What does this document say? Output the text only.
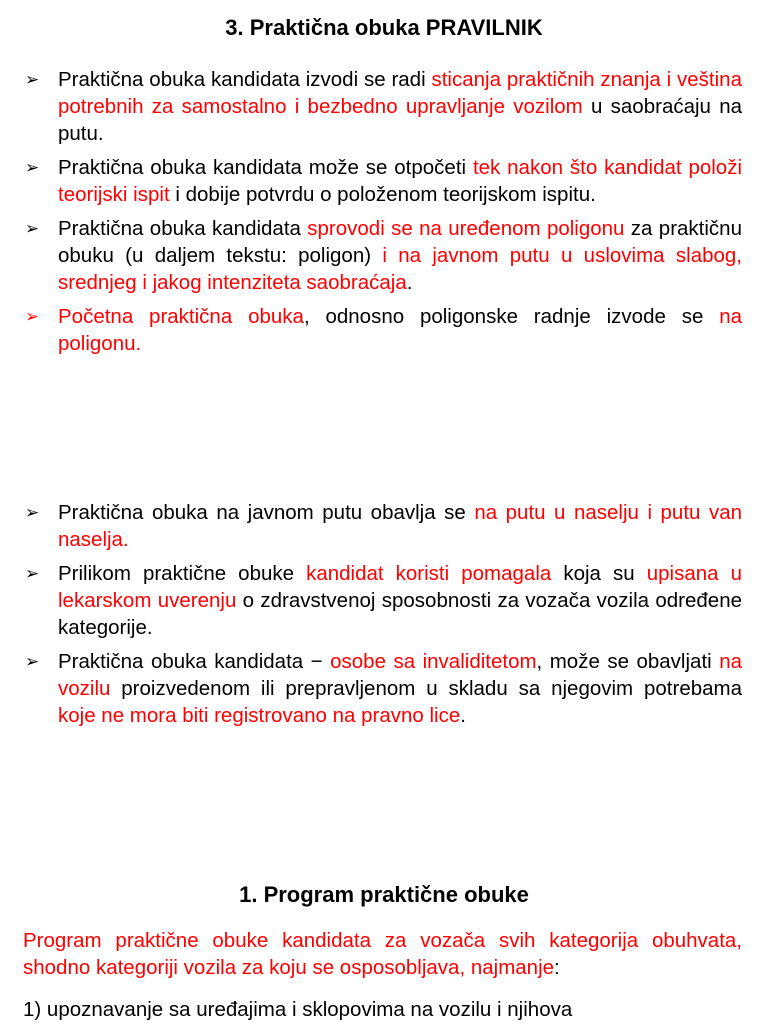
3. Praktična obuka PRAVILNIK
➢ Praktična obuka kandidata izvodi se radi sticanja praktičnih znanja i veština potrebnih za samostalno i bezbedno upravljanje vozilom u saobraćaju na putu.
➢ Praktična obuka kandidata može se otpočeti tek nakon što kandidat položi teorijski ispit i dobije potvrdu o položenom teorijskom ispitu.
➢ Praktična obuka kandidata sprovodi se na uređenom poligonu za praktičnu obuku (u daljem tekstu: poligon) i na javnom putu u uslovima slabog, srednjeg i jakog intenziteta saobraćaja.
➢ Početna praktična obuka, odnosno poligonske radnje izvode se na poligonu.
➢ Praktična obuka na javnom putu obavlja se na putu u naselju i putu van naselja.
➢ Prilikom praktične obuke kandidat koristi pomagala koja su upisana u lekarskom uverenju o zdravstvenoj sposobnosti za vozača vozila određene kategorije.
➢ Praktična obuka kandidata − osobe sa invaliditetom, može se obavljati na vozilu proizvedenom ili prepravljenom u skladu sa njegovim potrebama koje ne mora biti registrovano na pravno lice.
1. Program praktične obuke

Program praktične obuke kandidata za vozača svih kategorija obuhvata, shodno kategoriji vozila za koju se osposobljava, najmanje:

1) upoznavanje sa uređajima i sklopovima na vozilu i njihova
